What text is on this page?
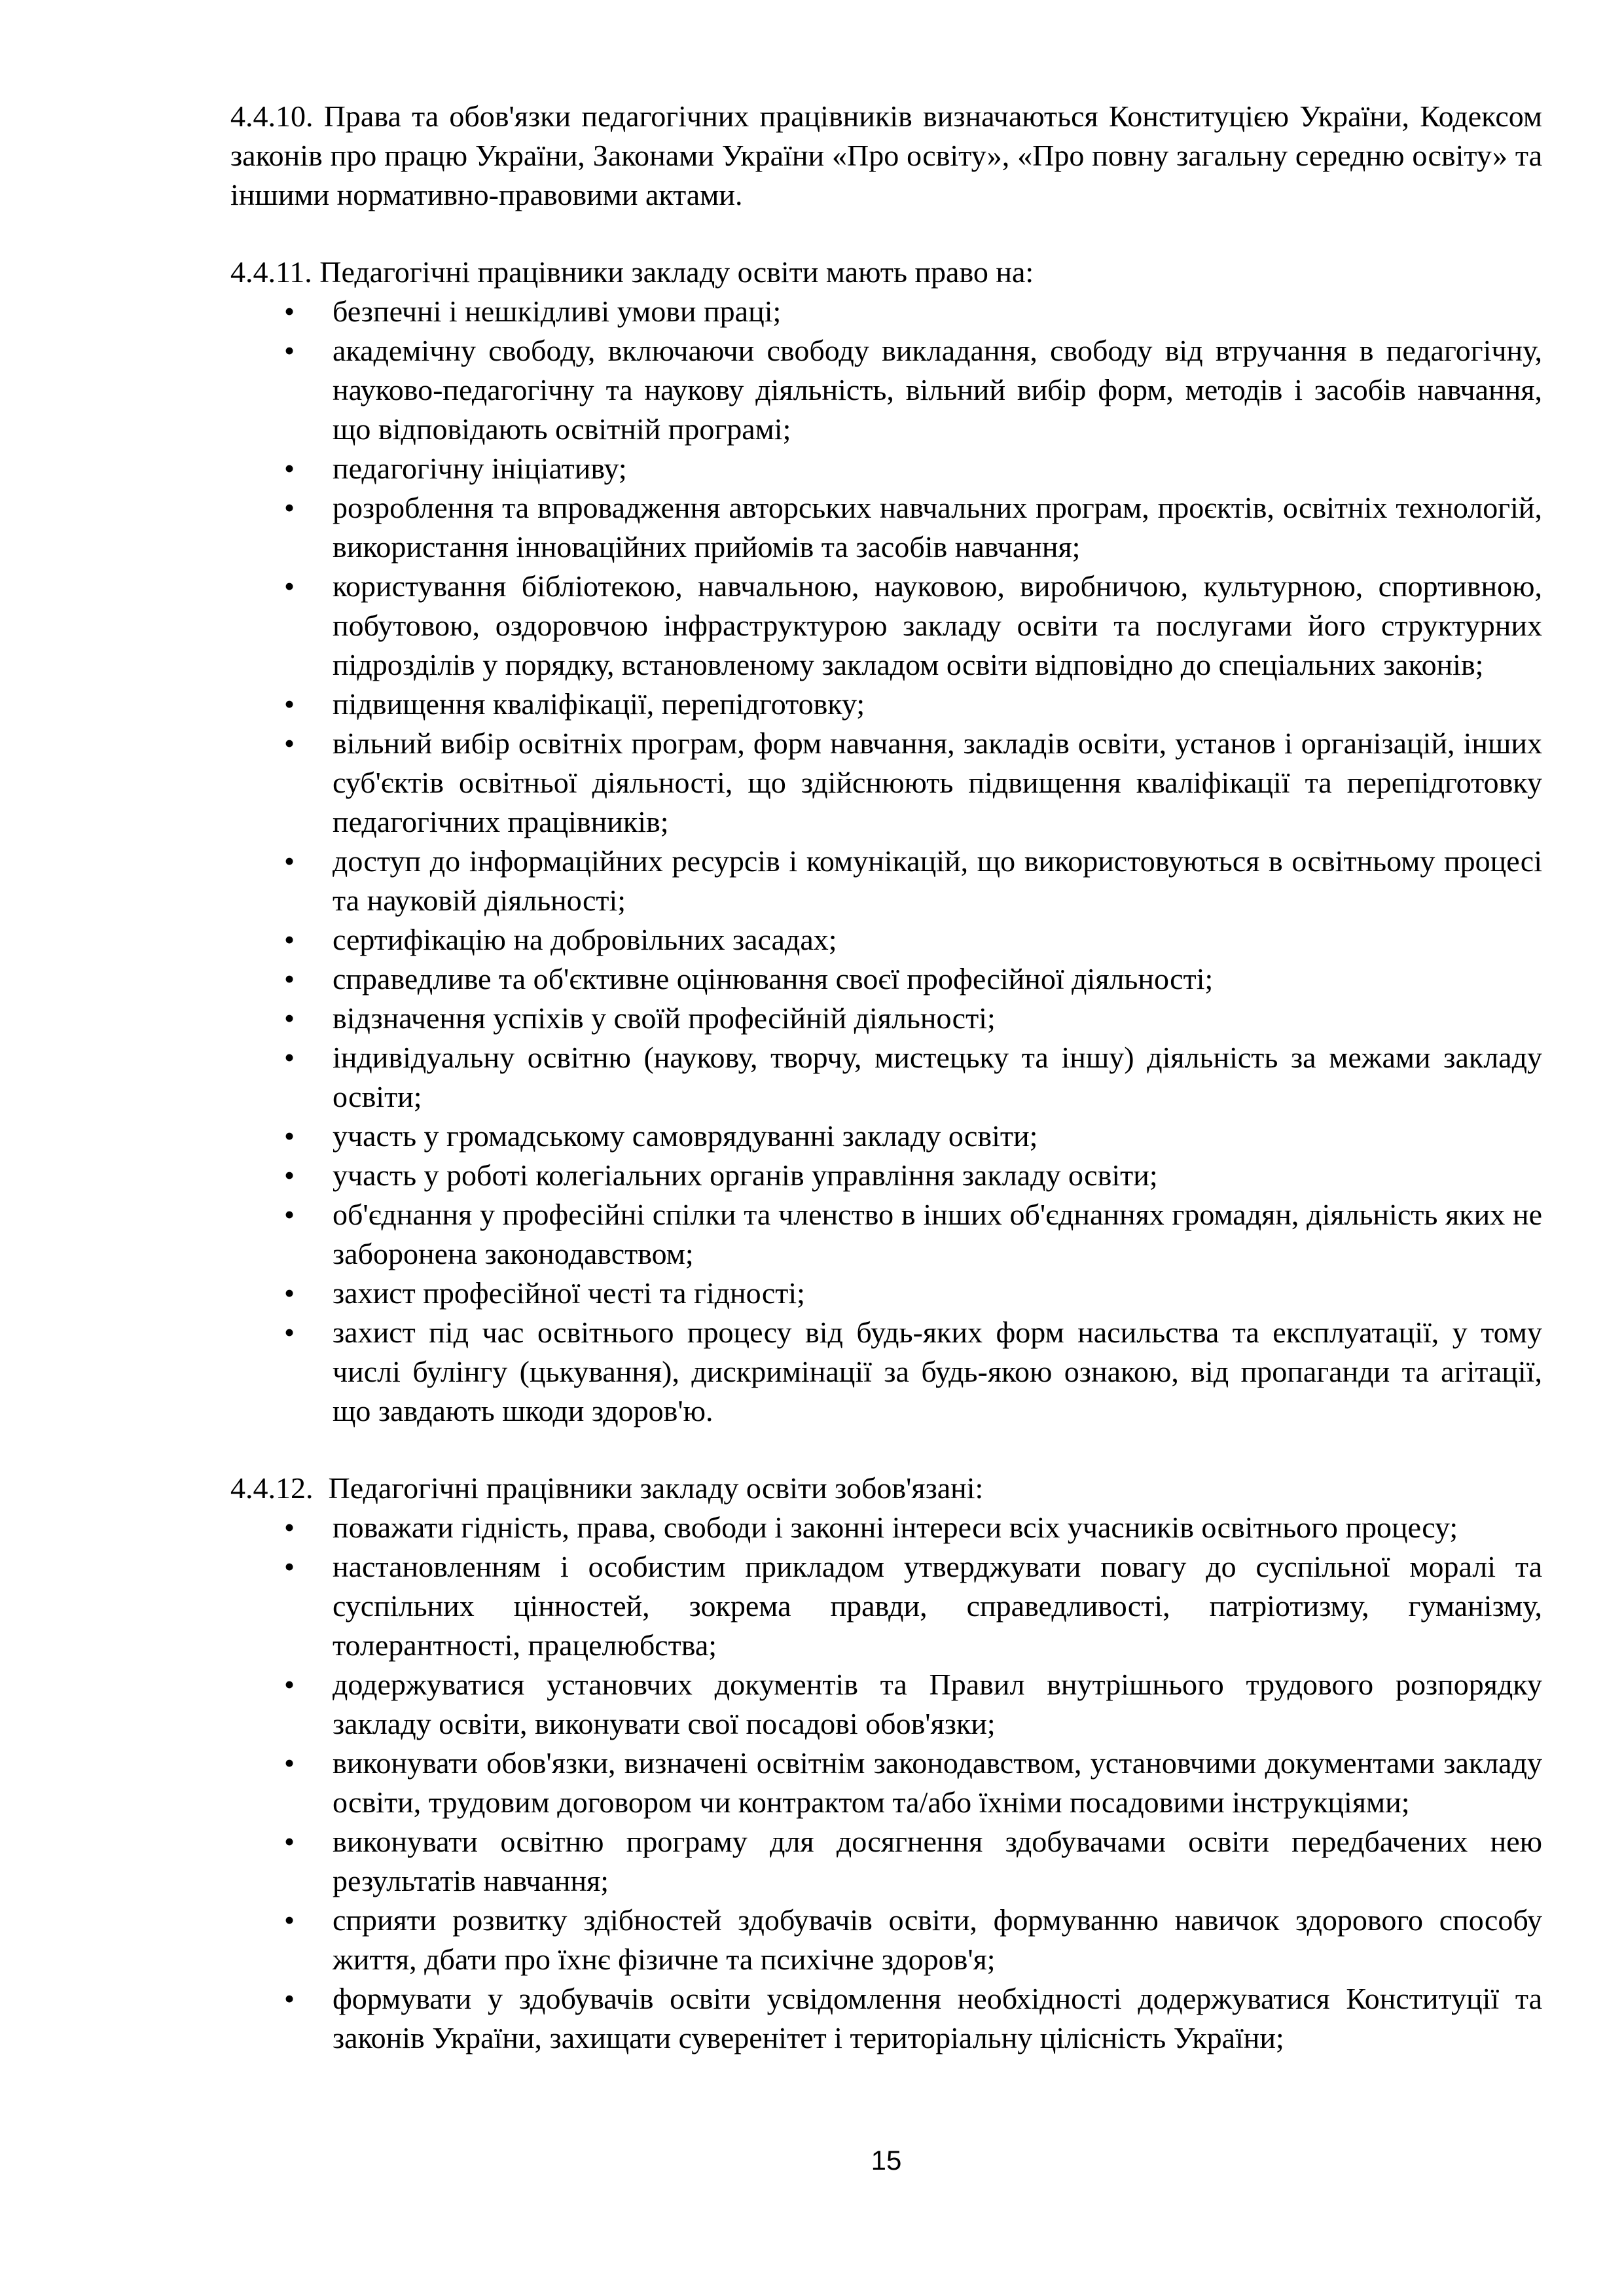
4.4.10. Права та обов'язки педагогічних працівників визначаються Конституцією України, Кодексом законів про працю України, Законами України «Про освіту», «Про повну загальну середню освіту» та іншими нормативно-правовими актами.

4.4.11. Педагогічні працівники закладу освіти мають право на:

• безпечні і нешкідливі умови праці;
• академічну свободу, включаючи свободу викладання, свободу від втручання в педагогічну, науково-педагогічну та наукову діяльність, вільний вибір форм, методів і засобів навчання, що відповідають освітній програмі;
• педагогічну ініціативу;
• розроблення та впровадження авторських навчальних програм, проєктів, освітніх технологій, використання інноваційних прийомів та засобів навчання;
• користування бібліотекою, навчальною, науковою, виробничою, культурною, спортивною, побутовою, оздоровчою інфраструктурою закладу освіти та послугами його структурних підрозділів у порядку, встановленому закладом освіти відповідно до спеціальних законів;
• підвищення кваліфікації, перепідготовку;
• вільний вибір освітніх програм, форм навчання, закладів освіти, установ і організацій, інших суб'єктів освітньої діяльності, що здійснюють підвищення кваліфікації та перепідготовку педагогічних працівників;
• доступ до інформаційних ресурсів і комунікацій, що використовуються в освітньому процесі та науковій діяльності;
• сертифікацію на добровільних засадах;
• справедливе та об'єктивне оцінювання своєї професійної діяльності;
• відзначення успіхів у своїй професійній діяльності;
• індивідуальну освітню (наукову, творчу, мистецьку та іншу) діяльність за межами закладу освіти;
• участь у громадському самоврядуванні закладу освіти;
• участь у роботі колегіальних органів управління закладу освіти;
• об'єднання у професійні спілки та членство в інших об'єднаннях громадян, діяльність яких не заборонена законодавством;
• захист професійної честі та гідності;
• захист під час освітнього процесу від будь-яких форм насильства та експлуатації, у тому числі булінгу (цькування), дискримінації за будь-якою ознакою, від пропаганди та агітації, що завдають шкоди здоров'ю.

4.4.12.  Педагогічні працівники закладу освіти зобов'язані:

• поважати гідність, права, свободи і законні інтереси всіх учасників освітнього процесу;
• настановленням і особистим прикладом утверджувати повагу до суспільної моралі та суспільних цінностей, зокрема правди, справедливості, патріотизму, гуманізму, толерантності, працелюбства;
• додержуватися установчих документів та Правил внутрішнього трудового розпорядку закладу освіти, виконувати свої посадові обов'язки;
• виконувати обов'язки, визначені освітнім законодавством, установчими документами закладу освіти, трудовим договором чи контрактом та/або їхніми посадовими інструкціями;
• виконувати освітню програму для досягнення здобувачами освіти передбачених нею результатів навчання;
• сприяти розвитку здібностей здобувачів освіти, формуванню навичок здорового способу життя, дбати про їхнє фізичне та психічне здоров'я;
• формувати у здобувачів освіти усвідомлення необхідності додержуватися Конституції та законів України, захищати суверенітет і територіальну цілісність України;
15
